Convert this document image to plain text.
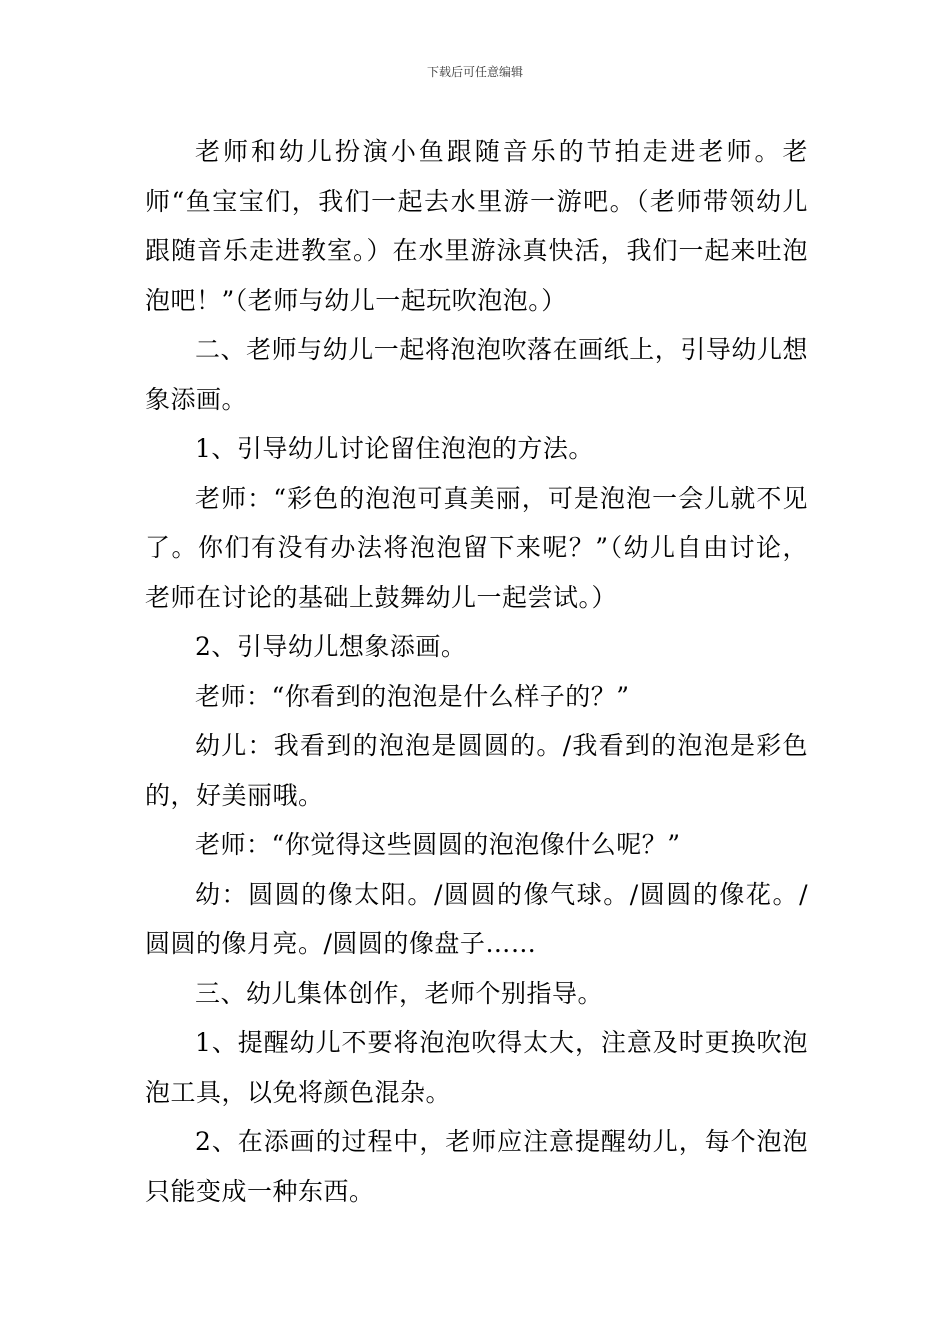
下载后可任意编辑

老师和幼儿扮演小鱼跟随音乐的节拍走进老师。老师“鱼宝宝们，我们一起去水里游一游吧。（老师带领幼儿跟随音乐走进教室。）在水里游泳真快活，我们一起来吐泡泡吧！”（老师与幼儿一起玩吹泡泡。）

二、老师与幼儿一起将泡泡吹落在画纸上，引导幼儿想象添画。

1、引导幼儿讨论留住泡泡的方法。

老师：“彩色的泡泡可真美丽，可是泡泡一会儿就不见了。你们有没有办法将泡泡留下来呢？”（幼儿自由讨论，老师在讨论的基础上鼓舞幼儿一起尝试。）

2、引导幼儿想象添画。

老师：“你看到的泡泡是什么样子的？”

幼儿：我看到的泡泡是圆圆的。/我看到的泡泡是彩色的，好美丽哦。

老师：“你觉得这些圆圆的泡泡像什么呢？”

幼：圆圆的像太阳。/圆圆的像气球。/圆圆的像花。/圆圆的像月亮。/圆圆的像盘子……

三、幼儿集体创作，老师个别指导。

1、提醒幼儿不要将泡泡吹得太大，注意及时更换吹泡泡工具，以免将颜色混杂。

2、在添画的过程中，老师应注意提醒幼儿，每个泡泡只能变成一种东西。
